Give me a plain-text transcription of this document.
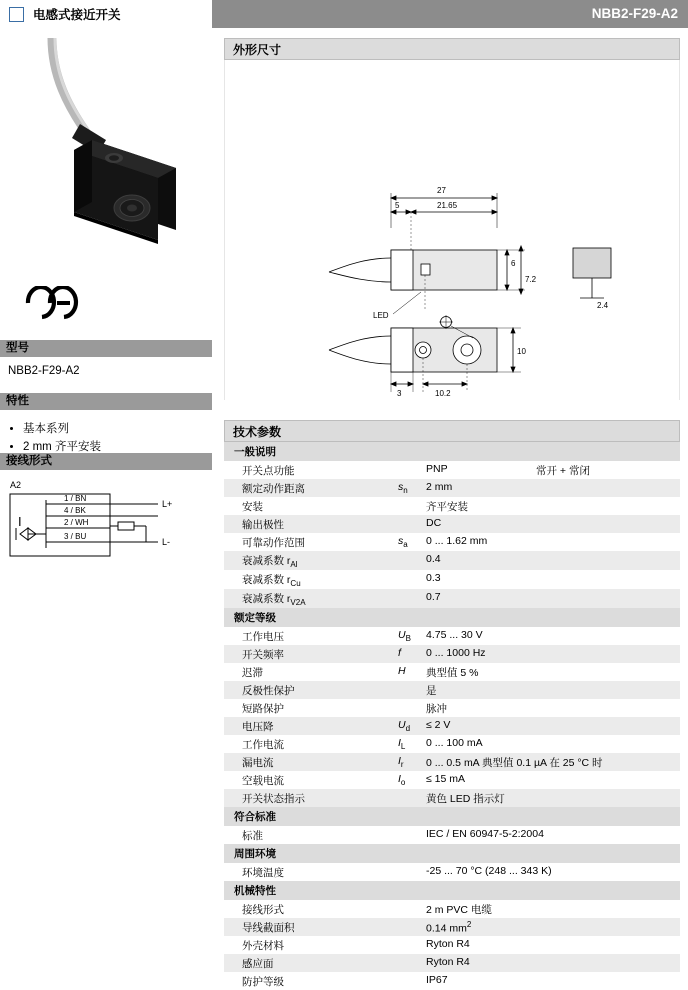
电感式接近开关	NBB2-F29-A2
型号
NBB2-F29-A2
特性
• 基本系列
• 2 mm 齐平安装
接线形式
A2
I
1 / BN
4 / BK
2 / WH
3 / BU
L+
L-
外形尺寸
27
5	21.65
6
7.2
2.4
LED
10
3	10.2
技术参数
一般说明			
开关点功能		PNP	常开 + 常闭
额定动作距离	$s_n$	2 mm	
安装		齐平安装	
输出极性		DC	
可靠动作范围	$s_a$	0 ... 1.62 mm	
衰减系数 $r_{Al}$		0.4	
衰减系数 $r_{Cu}$		0.3	
衰减系数 $r_{V2A}$		0.7	
额定等级			
工作电压	$U_B$	4.75 ... 30 V	
开关频率	f	0 ... 1000 Hz	
迟滞	H	典型值 5 %	
反极性保护		是	
短路保护		脉冲	
电压降	$U_d$	≤ 2 V	
工作电流	$I_L$	0 ... 100 mA	
漏电流	$I_r$	0 ... 0.5 mA 典型值 0.1 µA 在 25 °C 时	
空载电流	$I_o$	≤ 15 mA	
开关状态指示		黄色 LED 指示灯	
符合标准			
标准		IEC / EN 60947-5-2:2004	
周围环境			
环境温度		-25 ... 70 °C (248 ... 343 K)	
机械特性			
接线形式		2 m PVC 电缆	
导线截面积		0.14 $mm^2$
外壳材料		Ryton R4	
感应面		Ryton R4	
防护等级		IP67	
